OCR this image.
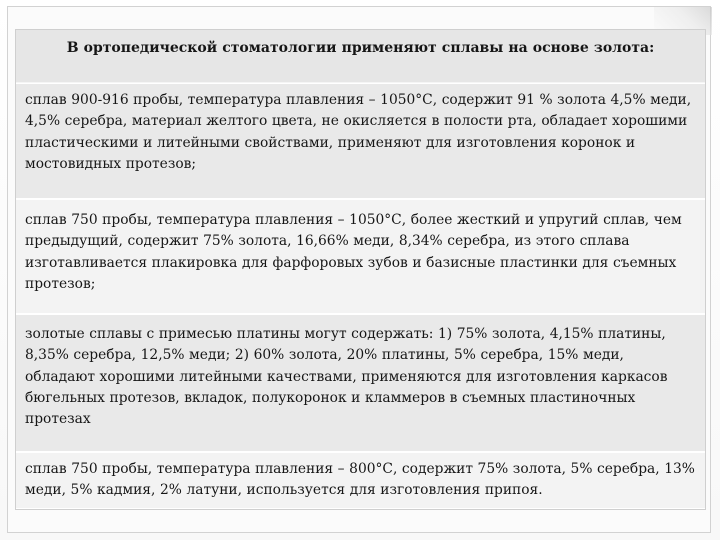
В ортопедической стоматологии применяют сплавы на основе золота:
сплав 900-916 пробы, температура плавления – 1050°С, содержит 91 % золота 4,5% меди, 4,5% серебра, материал желтого цвета, не окисляется в полости рта, обладает хорошими пластическими и литейными свойствами, применяют для изготовления коронок и мостовидных протезов;
сплав 750 пробы, температура плавления – 1050°С, более жесткий и упругий сплав, чем предыдущий, содержит 75% золота, 16,66% меди, 8,34% серебра, из этого сплава изготавливается плакировка для фарфоровых зубов и базисные пластинки для съемных протезов;
золотые сплавы с примесью платины могут содержать: 1) 75% золота, 4,15% платины, 8,35% серебра, 12,5% меди; 2) 60% золота, 20% платины, 5% серебра, 15% меди, обладают хорошими литейными качествами, применяются для изготовления каркасов бюгельных протезов, вкладок, полукоронок и кламмеров в съемных пластиночных протезах
сплав 750 пробы, температура плавления – 800°С, содержит 75% золота, 5% серебра, 13% меди, 5% кадмия, 2% латуни, используется для изготовления припоя.
